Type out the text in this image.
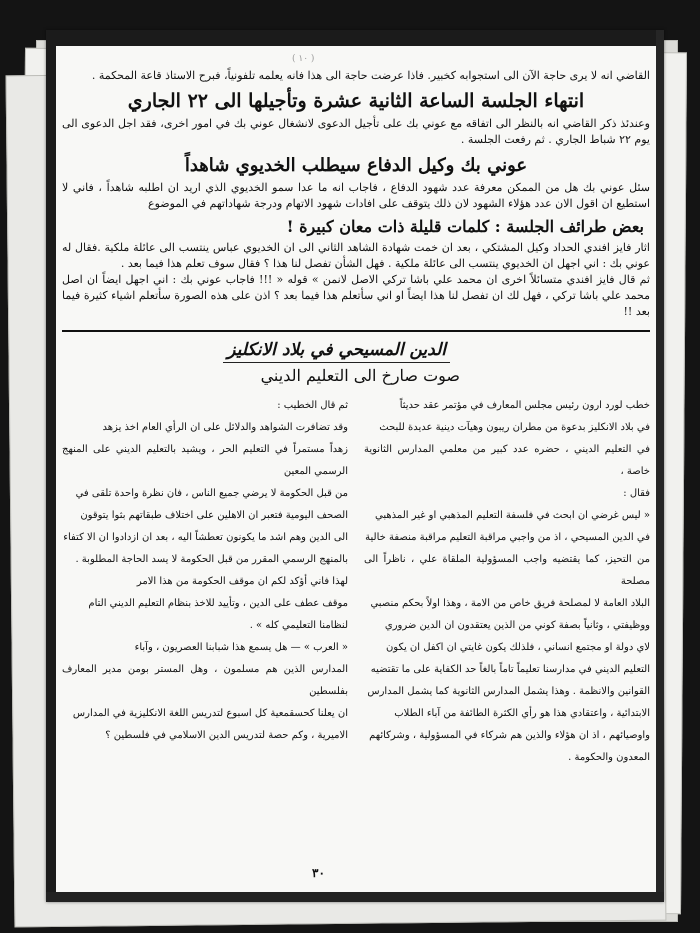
( ١٠ )

القاضي انه لا يرى حاجة الآن الى استجوابه كخبير. فاذا عرضت حاجة الى هذا فانه يعلمه تلفونياً، فبرح الاستاذ قاعة المحكمة .

انتهاء الجلسة الساعة الثانية عشرة وتأجيلها الى ٢٢ الجاري

وعندئذ ذكر القاضي انه بالنظر الى اتفاقه مع عوني بك على تأجيل الدعوى لانشغال عوني بك في امور اخرى، فقد اجل الدعوى الى يوم ٢٢ شباط الجاري . ثم رفعت الجلسة .

عوني بك وكيل الدفاع سيطلب الخديوي شاهداً

سئل عوني بك هل من الممكن معرفة عدد شهود الدفاع ، فاجاب انه ما عدا سمو الخديوي الذي اريد ان اطلبه شاهداً ، فاني لا استطيع ان اقول الان عدد هؤلاء الشهود لان ذلك يتوقف على افادات شهود الاتهام ودرجة شهاداتهم في الموضوع

بعض طرائف الجلسة : كلمات قليلة ذات معان كبيرة !

اثار فايز افندي الحداد وكيل المشتكي ، بعد ان خمت شهادة الشاهد الثاني الى ان الخديوي عباس ينتسب الى عائلة ملكية .فقال له عوني بك : اني اجهل ان الخديوي ينتسب الى عائلة ملكية . فهل الشأن تفصل لنا هذا ؟ فقال سوف تعلم هذا فيما بعد .

ثم قال فايز افندي متسائلاً اخرى ان محمد علي باشا تركي الاصل لانمن » قوله « !!! فاجاب عوني بك : اني اجهل ايضاً ان اصل محمد علي باشا تركي ، فهل لك ان تفصل لنا هذا ايضاً او اني سأتعلم هذا فيما بعد ؟ اذن على هذه الصورة سأتعلم اشياء كثيرة فيما بعد !!

الدين المسيحي في بلاد الانكليز
صوت صارخ الى التعليم الديني

خطب لورد ارون رئيس مجلس المعارف في مؤتمر عقد حديثاً

في بلاد الانكليز بدعوة من مطران ريبون وهيآت دينية عديدة للبحث

في التعليم الديني ، حضره عدد كبير من معلمي المدارس الثانوية خاصة ،

فقال :

« ليس غرضي ان ابحث في فلسفة التعليم المذهبي او غير المذهبي

في الدين المسيحي ، اذ من واجبي مراقبة التعليم مراقبة منصفة خالية

من التحيز، كما يقتضيه واجب المسؤولية الملقاة علي ، ناظراً الى مصلحة

البلاد العامة لا لمصلحة فريق خاص من الامة ، وهذا اولاً بحكم منصبي

ووظيفتي ، وثانياً بصفة كوني من الذين يعتقدون ان الدين ضروري

لاي دولة او مجتمع انساني ، فلذلك يكون غايتي ان اكفل ان يكون

التعليم الديني في مدارسنا تعليماً تاماً بالغاً حد الكفاية على ما تقتضيه

القوانين والانظمة . وهذا يشمل المدارس الثانوية كما يشمل المدارس

الابتدائية ، واعتقادي هذا هو رأي الكثرة الطائفة من آباء الطلاب

واوصيائهم ، اذ ان هؤلاء والذين هم شركاء في المسؤولية ، وشركائهم

المعدون والحكومة .

ثم قال الخطيب :

وقد تضافرت الشواهد والدلائل على ان الرأي العام اخذ يزهد

زهداً مستمراً في التعليم الحر ، ويشيد بالتعليم الديني على المنهج الرسمي المعين

من قبل الحكومة لا يرضي جميع الناس ، فان نظرة واحدة تلقى في

الصحف اليومية فتعبر ان الاهلين على اختلاف طبقاتهم بثوا يتوقون

الى الدين وهم اشد ما يكونون تعطشاً اليه ، بعد ان ازدادوا ان الا كتفاء

بالمنهج الرسمي المقرر من قبل الحكومة لا يسد الحاجة المطلوبة .

لهذا فاني أؤكد لكم ان موقف الحكومة من هذا الامر

موقف عطف على الدين ، وتأييد للاخذ بنظام التعليم الديني التام

لنظامنا التعليمي كله » .

« العرب » — هل يسمع هذا شبابنا العصريون ، وآباء

المدارس الذين هم مسلمون ، وهل المستر بومن مدير المعارف بفلسطين

ان يعلنا كحسقمعية كل اسبوع لتدريس اللغة الانكليزية في المدارس

الاميرية ، وكم حصة لتدريس الدين الاسلامي في فلسطين ؟

٣٠
